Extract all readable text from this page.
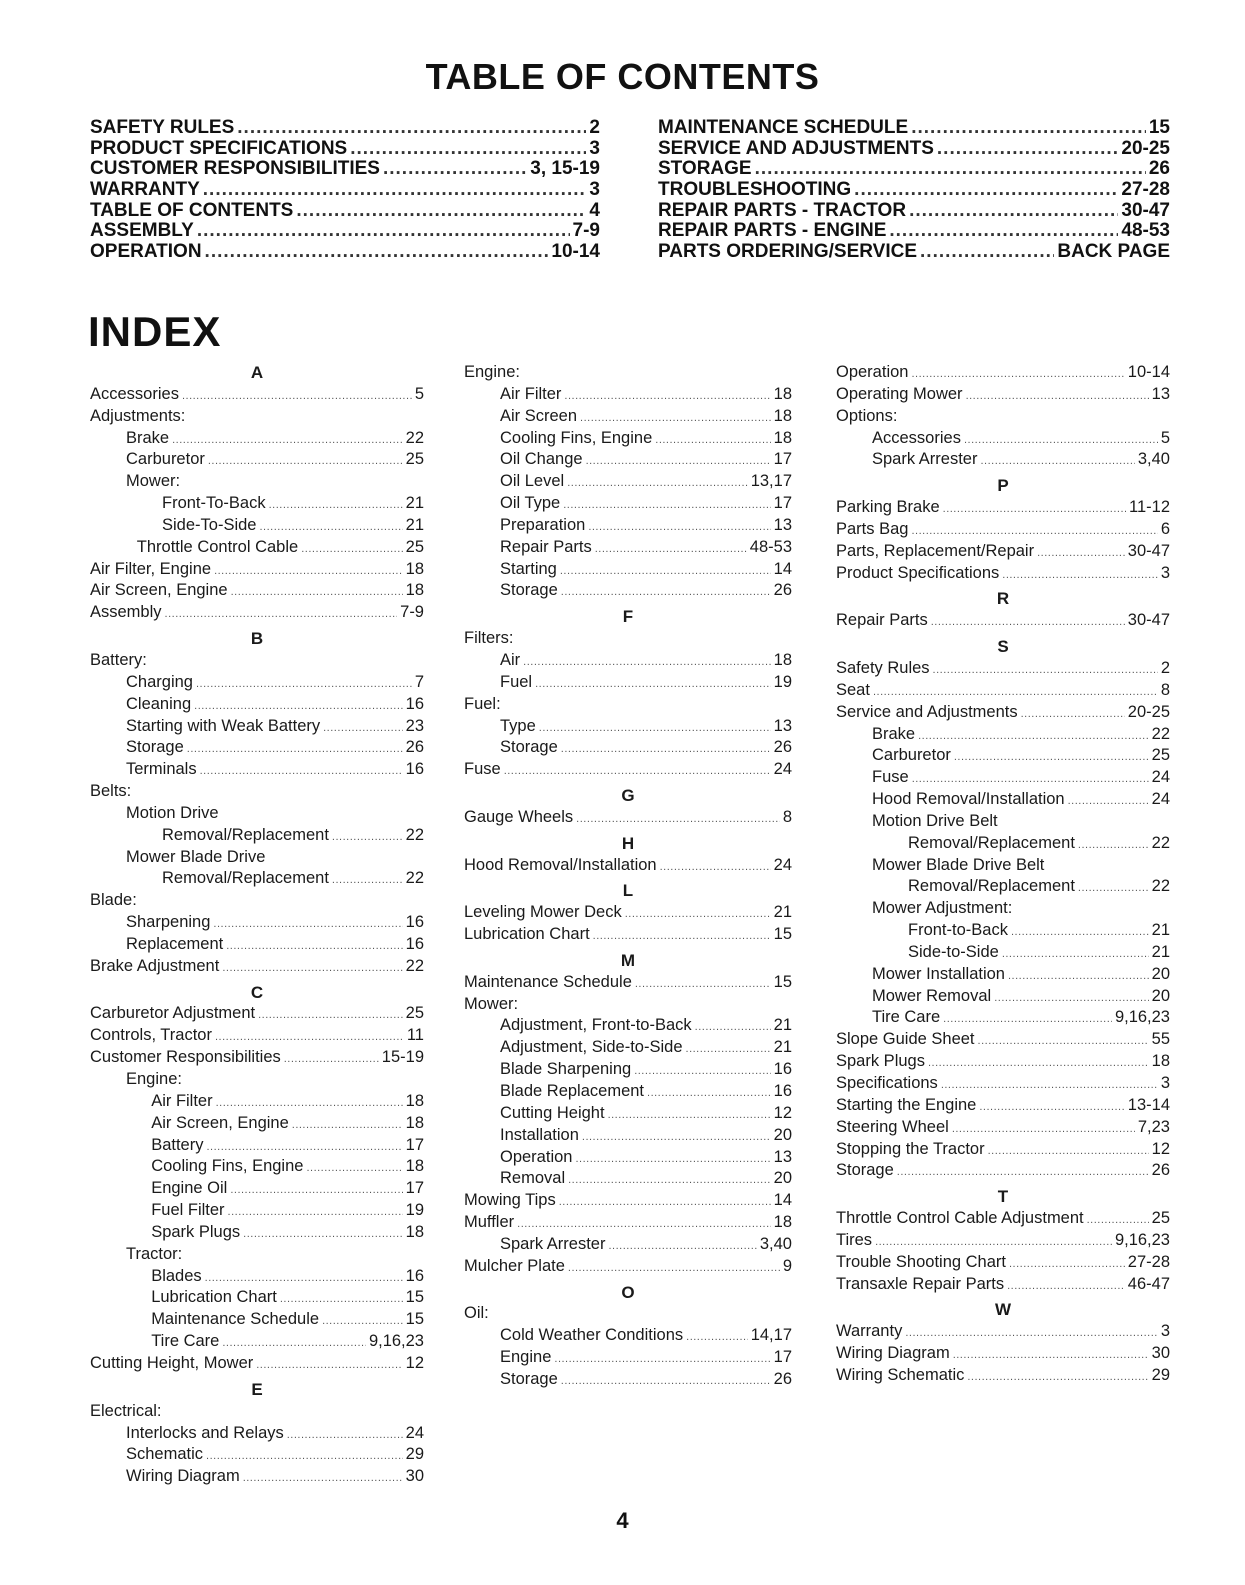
TABLE OF CONTENTS
SAFETY RULES .....	2
PRODUCT SPECIFICATIONS .....	3
CUSTOMER RESPONSIBILITIES .....	3, 15-19
WARRANTY .....	3
TABLE OF CONTENTS .....	4
ASSEMBLY .....	7-9
OPERATION .....	10-14
MAINTENANCE SCHEDULE .....	15
SERVICE AND ADJUSTMENTS .....	20-25
STORAGE .....	26
TROUBLESHOOTING .....	27-28
REPAIR PARTS - TRACTOR .....	30-47
REPAIR PARTS - ENGINE .....	48-53
PARTS ORDERING/SERVICE .....	BACK PAGE
INDEX
A
Accessories .....	5
Adjustments:
Brake .....	22
Carburetor .....	25
Mower:
Front-To-Back .....	21
Side-To-Side .....	21
Throttle Control Cable .....	25
Air Filter, Engine .....	18
Air Screen, Engine .....	18
Assembly .....	7-9
B
Battery:
Charging .....	7
Cleaning .....	16
Starting with Weak Battery .....	23
Storage .....	26
Terminals .....	16
Belts:
Motion Drive
Removal/Replacement .....	22
Mower Blade Drive
Removal/Replacement .....	22
Blade:
Sharpening .....	16
Replacement .....	16
Brake Adjustment .....	22
C
Carburetor Adjustment .....	25
Controls, Tractor .....	11
Customer Responsibilities .....	15-19
Engine:
Air Filter .....	18
Air Screen, Engine .....	18
Battery .....	17
Cooling Fins, Engine .....	18
Engine Oil .....	17
Fuel Filter .....	19
Spark Plugs .....	18
Tractor:
Blades .....	16
Lubrication Chart .....	15
Maintenance Schedule .....	15
Tire Care .....	9,16,23
Cutting Height, Mower .....	12
E
Electrical:
Interlocks and Relays .....	24
Schematic .....	29
Wiring Diagram .....	30
Engine:
Air Filter .....	18
Air Screen .....	18
Cooling Fins, Engine .....	18
Oil Change .....	17
Oil Level .....	13,17
Oil Type .....	17
Preparation .....	13
Repair Parts .....	48-53
Starting .....	14
Storage .....	26
F
Filters:
Air .....	18
Fuel .....	19
Fuel:
Type .....	13
Storage .....	26
Fuse .....	24
G
Gauge Wheels .....	8
H
Hood Removal/Installation .....	24
L
Leveling Mower Deck .....	21
Lubrication Chart .....	15
M
Maintenance Schedule .....	15
Mower:
Adjustment, Front-to-Back .....	21
Adjustment, Side-to-Side .....	21
Blade Sharpening .....	16
Blade Replacement .....	16
Cutting Height .....	12
Installation .....	20
Operation .....	13
Removal .....	20
Mowing Tips .....	14
Muffler .....	18
Spark Arrester .....	3,40
Mulcher Plate .....	9
O
Oil:
Cold Weather Conditions .....	14,17
Engine .....	17
Storage .....	26
Operation .....	10-14
Operating Mower .....	13
Options:
Accessories .....	5
Spark Arrester .....	3,40
P
Parking Brake .....	11-12
Parts Bag .....	6
Parts, Replacement/Repair .....	30-47
Product Specifications .....	3
R
Repair Parts .....	30-47
S
Safety Rules .....	2
Seat .....	8
Service and Adjustments .....	20-25
Brake .....	22
Carburetor .....	25
Fuse .....	24
Hood Removal/Installation .....	24
Motion Drive Belt
Removal/Replacement .....	22
Mower Blade Drive Belt
Removal/Replacement .....	22
Mower Adjustment:
Front-to-Back .....	21
Side-to-Side .....	21
Mower Installation .....	20
Mower Removal .....	20
Tire Care .....	9,16,23
Slope Guide Sheet .....	55
Spark Plugs .....	18
Specifications .....	3
Starting the Engine .....	13-14
Steering Wheel .....	7,23
Stopping the Tractor .....	12
Storage .....	26
T
Throttle Control Cable Adjustment .....	25
Tires .....	9,16,23
Trouble Shooting Chart .....	27-28
Transaxle Repair Parts .....	46-47
W
Warranty .....	3
Wiring Diagram .....	30
Wiring Schematic .....	29
4
